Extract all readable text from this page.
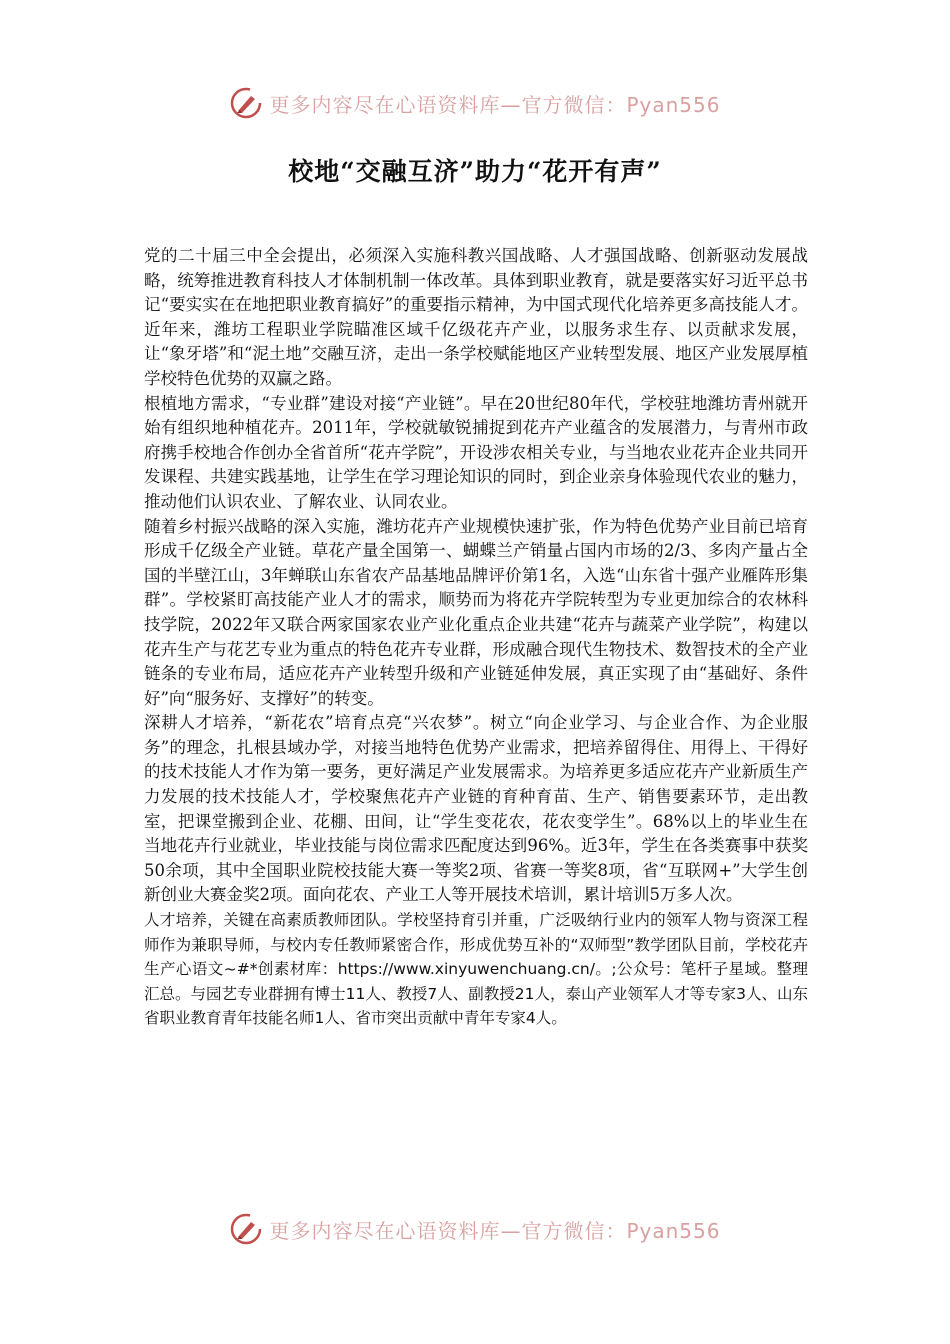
更多内容尽在心语资料库—官方微信：Pyan556
校地“交融互济”助力“花开有声”

党的二十届三中全会提出，必须深入实施科教兴国战略、人才强国战略、创新驱动发展战略，统筹推进教育科技人才体制机制一体改革。具体到职业教育，就是要落实好习近平总书记“要实实在在地把职业教育搞好”的重要指示精神，为中国式现代化培养更多高技能人才。近年来，潍坊工程职业学院瞄准区域千亿级花卉产业，以服务求生存、以贡献求发展，让“象牙塔”和“泥土地”交融互济，走出一条学校赋能地区产业转型发展、地区产业发展厚植学校特色优势的双赢之路。

根植地方需求，“专业群”建设对接“产业链”。早在20世纪80年代，学校驻地潍坊青州就开始有组织地种植花卉。2011年，学校就敏锐捕捉到花卉产业蕴含的发展潜力，与青州市政府携手校地合作创办全省首所“花卉学院”，开设涉农相关专业，与当地农业花卉企业共同开发课程、共建实践基地，让学生在学习理论知识的同时，到企业亲身体验现代农业的魅力，推动他们认识农业、了解农业、认同农业。

随着乡村振兴战略的深入实施，潍坊花卉产业规模快速扩张，作为特色优势产业目前已培育形成千亿级全产业链。草花产量全国第一、蝴蝶兰产销量占国内市场的2/3、多肉产量占全国的半壁江山，3年蝉联山东省农产品基地品牌评价第1名，入选“山东省十强产业雁阵形集群”。学校紧盯高技能产业人才的需求，顺势而为将花卉学院转型为专业更加综合的农林科技学院，2022年又联合两家国家农业产业化重点企业共建“花卉与蔬菜产业学院”，构建以花卉生产与花艺专业为重点的特色花卉专业群，形成融合现代生物技术、数智技术的全产业链条的专业布局，适应花卉产业转型升级和产业链延伸发展，真正实现了由“基础好、条件好”向“服务好、支撑好”的转变。

深耕人才培养，“新花农”培育点亮“兴农梦”。树立“向企业学习、与企业合作、为企业服务”的理念，扎根县域办学，对接当地特色优势产业需求，把培养留得住、用得上、干得好的技术技能人才作为第一要务，更好满足产业发展需求。为培养更多适应花卉产业新质生产力发展的技术技能人才，学校聚焦花卉产业链的育种育苗、生产、销售要素环节，走出教室，把课堂搬到企业、花棚、田间，让“学生变花农，花农变学生”。68%以上的毕业生在当地花卉行业就业，毕业技能与岗位需求匹配度达到96%。近3年，学生在各类赛事中获奖50余项，其中全国职业院校技能大赛一等奖2项、省赛一等奖8项，省“互联网+”大学生创新创业大赛金奖2项。面向花农、产业工人等开展技术培训，累计培训5万多人次。

人才培养，关键在高素质教师团队。学校坚持育引并重，广泛吸纳行业内的领军人物与资深工程师作为兼职导师，与校内专任教师紧密合作，形成优势互补的“双师型”教学团队目前，学校花卉生产心语文~#*创素材库：https://www.xinyuwenchuang.cn/。;公众号：笔杆子星域。整理汇总。与园艺专业群拥有博士11人、教授7人、副教授21人，泰山产业领军人才等专家3人、山东省职业教育青年技能名师1人、省市突出贡献中青年专家4人。

更多内容尽在心语资料库—官方微信：Pyan556
